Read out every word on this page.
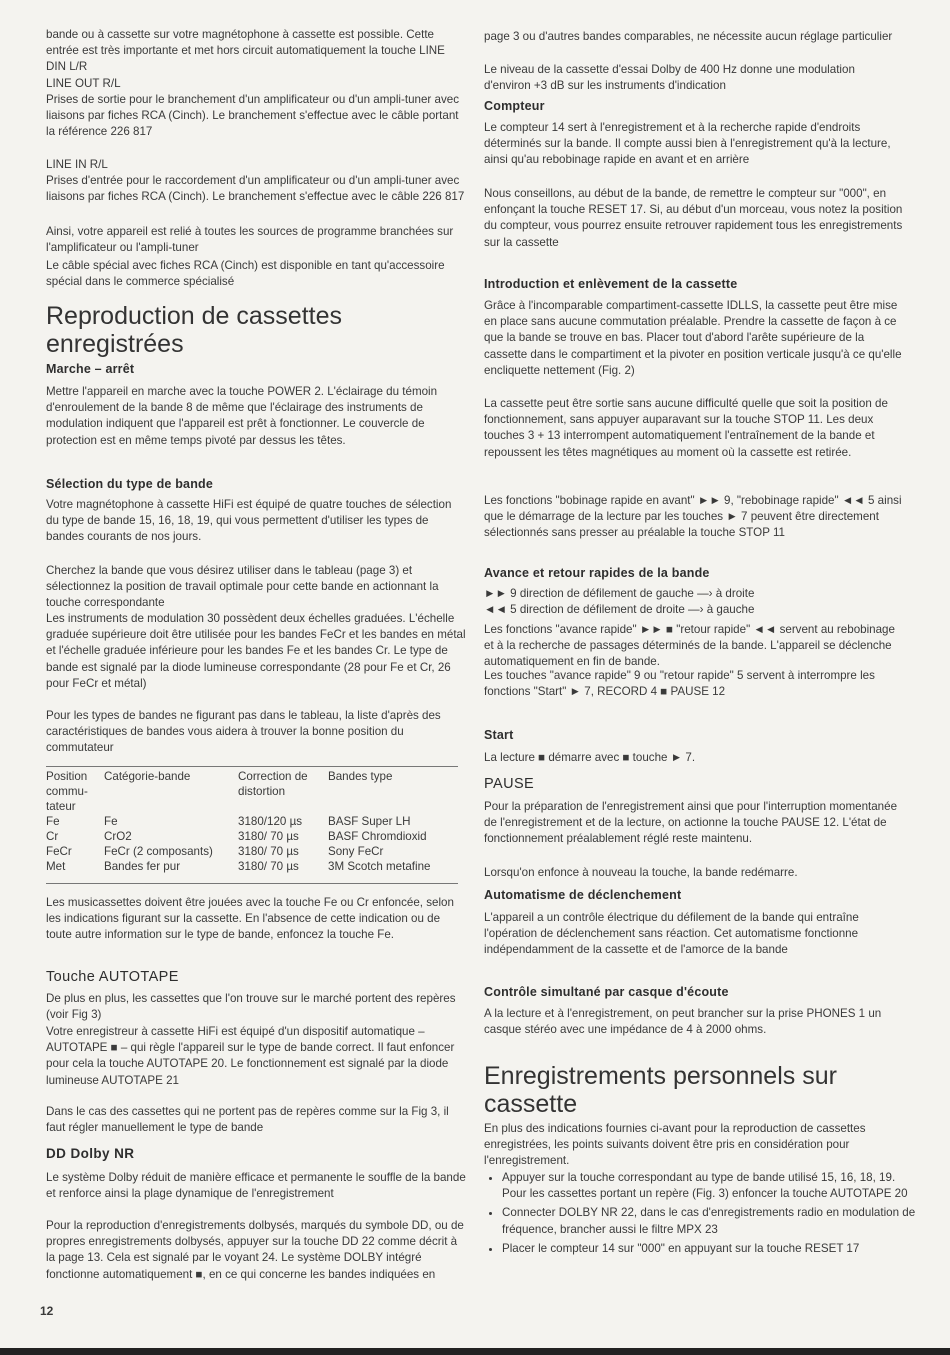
bande ou à cassette sur votre magnétophone à cassette est possible. Cette entrée est très importante et met hors circuit automatiquement la touche LINE DIN L/R

LINE OUT R/L

Prises de sortie pour le branchement d'un amplificateur ou d'un ampli-tuner avec liaisons par fiches RCA (Cinch). Le branchement s'effectue avec le câble portant la référence 226 817

LINE IN R/L

Prises d'entrée pour le raccordement d'un amplificateur ou d'un ampli-tuner avec liaisons par fiches RCA (Cinch). Le branchement s'effectue avec le câble 226 817

Ainsi, votre appareil est relié à toutes les sources de programme branchées sur l'amplificateur ou l'ampli-tuner

Le câble spécial avec fiches RCA (Cinch) est disponible en tant qu'accessoire spécial dans le commerce spécialisé

Reproduction de cassettes enregistrées

Marche – arrêt

Mettre l'appareil en marche avec la touche POWER 2. L'éclairage du témoin d'enroulement de la bande 8 de même que l'éclairage des instruments de modulation indiquent que l'appareil est prêt à fonctionner. Le couvercle de protection est en même temps pivoté par dessus les têtes.

Sélection du type de bande

Votre magnétophone à cassette HiFi est équipé de quatre touches de sélection du type de bande 15, 16, 18, 19, qui vous permettent d'utiliser les types de bandes courants de nos jours.

Cherchez la bande que vous désirez utiliser dans le tableau (page 3) et sélectionnez la position de travail optimale pour cette bande en actionnant la touche correspondante

Les instruments de modulation 30 possèdent deux échelles graduées. L'échelle graduée supérieure doit être utilisée pour les bandes FeCr et les bandes en métal et l'échelle graduée inférieure pour les bandes Fe et les bandes Cr. Le type de bande est signalé par la diode lumineuse correspondante (28 pour Fe et Cr, 26 pour FeCr et métal)

Pour les types de bandes ne figurant pas dans le tableau, la liste d'après des caractéristiques de bandes vous aidera à trouver la bonne position du commutateur

Position commu-tateur	Catégorie-bande	Correction de distortion	Bandes type
Fe	Fe	3180/120 µs	BASF Super LH
Cr	CrO2	3180/ 70 µs	BASF Chromdioxid
FeCr	FeCr (2 composants)	3180/ 70 µs	Sony FeCr
Met	Bandes fer pur	3180/ 70 µs	3M Scotch metafine

Les musicassettes doivent être jouées avec la touche Fe ou Cr enfoncée, selon les indications figurant sur la cassette. En l'absence de cette indication ou de toute autre information sur le type de bande, enfoncez la touche Fe.

Touche AUTOTAPE

De plus en plus, les cassettes que l'on trouve sur le marché portent des repères (voir Fig 3)

Votre enregistreur à cassette HiFi est équipé d'un dispositif automatique – AUTOTAPE ■ – qui règle l'appareil sur le type de bande correct. Il faut enfoncer pour cela la touche AUTOTAPE 20. Le fonctionnement est signalé par la diode lumineuse AUTOTAPE 21

Dans le cas des cassettes qui ne portent pas de repères comme sur la Fig 3, il faut régler manuellement le type de bande

DD Dolby NR

Le système Dolby réduit de manière efficace et permanente le souffle de la bande et renforce ainsi la plage dynamique de l'enregistrement

Pour la reproduction d'enregistrements dolbysés, marqués du symbole DD, ou de propres enregistrements dolbysés, appuyer sur la touche DD 22 comme décrit à la page 13. Cela est signalé par le voyant 24. Le système DOLBY intégré fonctionne automatiquement ■, en ce qui concerne les bandes indiquées en

12

page 3 ou d'autres bandes comparables, ne nécessite aucun réglage particulier

Le niveau de la cassette d'essai Dolby de 400 Hz donne une modulation d'environ +3 dB sur les instruments d'indication

Compteur

Le compteur 14 sert à l'enregistrement et à la recherche rapide d'endroits déterminés sur la bande. Il compte aussi bien à l'enregistrement qu'à la lecture, ainsi qu'au rebobinage rapide en avant et en arrière

Nous conseillons, au début de la bande, de remettre le compteur sur "000", en enfonçant la touche RESET 17. Si, au début d'un morceau, vous notez la position du compteur, vous pourrez ensuite retrouver rapidement tous les enregistrements sur la cassette

Introduction et enlèvement de la cassette

Grâce à l'incomparable compartiment-cassette IDLLS, la cassette peut être mise en place sans aucune commutation préalable. Prendre la cassette de façon à ce que la bande se trouve en bas. Placer tout d'abord l'arête supérieure de la cassette dans le compartiment et la pivoter en position verticale jusqu'à ce qu'elle encliquette nettement (Fig. 2)

La cassette peut être sortie sans aucune difficulté quelle que soit la position de fonctionnement, sans appuyer auparavant sur la touche STOP 11. Les deux touches 3 + 13 interrompent automatiquement l'entraînement de la bande et repoussent les têtes magnétiques au moment où la cassette est retirée.

Les fonctions "bobinage rapide en avant" ►► 9, "rebobinage rapide" ◄◄ 5 ainsi que le démarrage de la lecture par les touches ► 7 peuvent être directement sélectionnés sans presser au préalable la touche STOP 11

Avance et retour rapides de la bande

►► 9 direction de défilement de gauche —› à droite

◄◄ 5 direction de défilement de droite —› à gauche

Les fonctions "avance rapide" ►► ■ "retour rapide" ◄◄ servent au rebobinage et à la recherche de passages déterminés de la bande. L'appareil se déclenche automatiquement en fin de bande.

Les touches "avance rapide" 9 ou "retour rapide" 5 servent à interrompre les fonctions "Start" ► 7, RECORD 4 ■ PAUSE 12

Start

La lecture ■ démarre avec ■ touche ► 7.

PAUSE

Pour la préparation de l'enregistrement ainsi que pour l'interruption momentanée de l'enregistrement et de la lecture, on actionne la touche PAUSE 12. L'état de fonctionnement préalablement réglé reste maintenu.

Lorsqu'on enfonce à nouveau la touche, la bande redémarre.

Automatisme de déclenchement

L'appareil a un contrôle électrique du défilement de la bande qui entraîne l'opération de déclenchement sans réaction. Cet automatisme fonctionne indépendamment de la cassette et de l'amorce de la bande

Contrôle simultané par casque d'écoute

A la lecture et à l'enregistrement, on peut brancher sur la prise PHONES 1 un casque stéréo avec une impédance de 4 à 2000 ohms.

Enregistrements personnels sur cassette

En plus des indications fournies ci-avant pour la reproduction de cassettes enregistrées, les points suivants doivent être pris en considération pour l'enregistrement.

• Appuyer sur la touche correspondant au type de bande utilisé 15, 16, 18, 19. Pour les cassettes portant un repère (Fig. 3) enfoncer la touche AUTOTAPE 20
• Connecter DOLBY NR 22, dans le cas d'enregistrements radio en modulation de fréquence, brancher aussi le filtre MPX 23
• Placer le compteur 14 sur "000" en appuyant sur la touche RESET 17
